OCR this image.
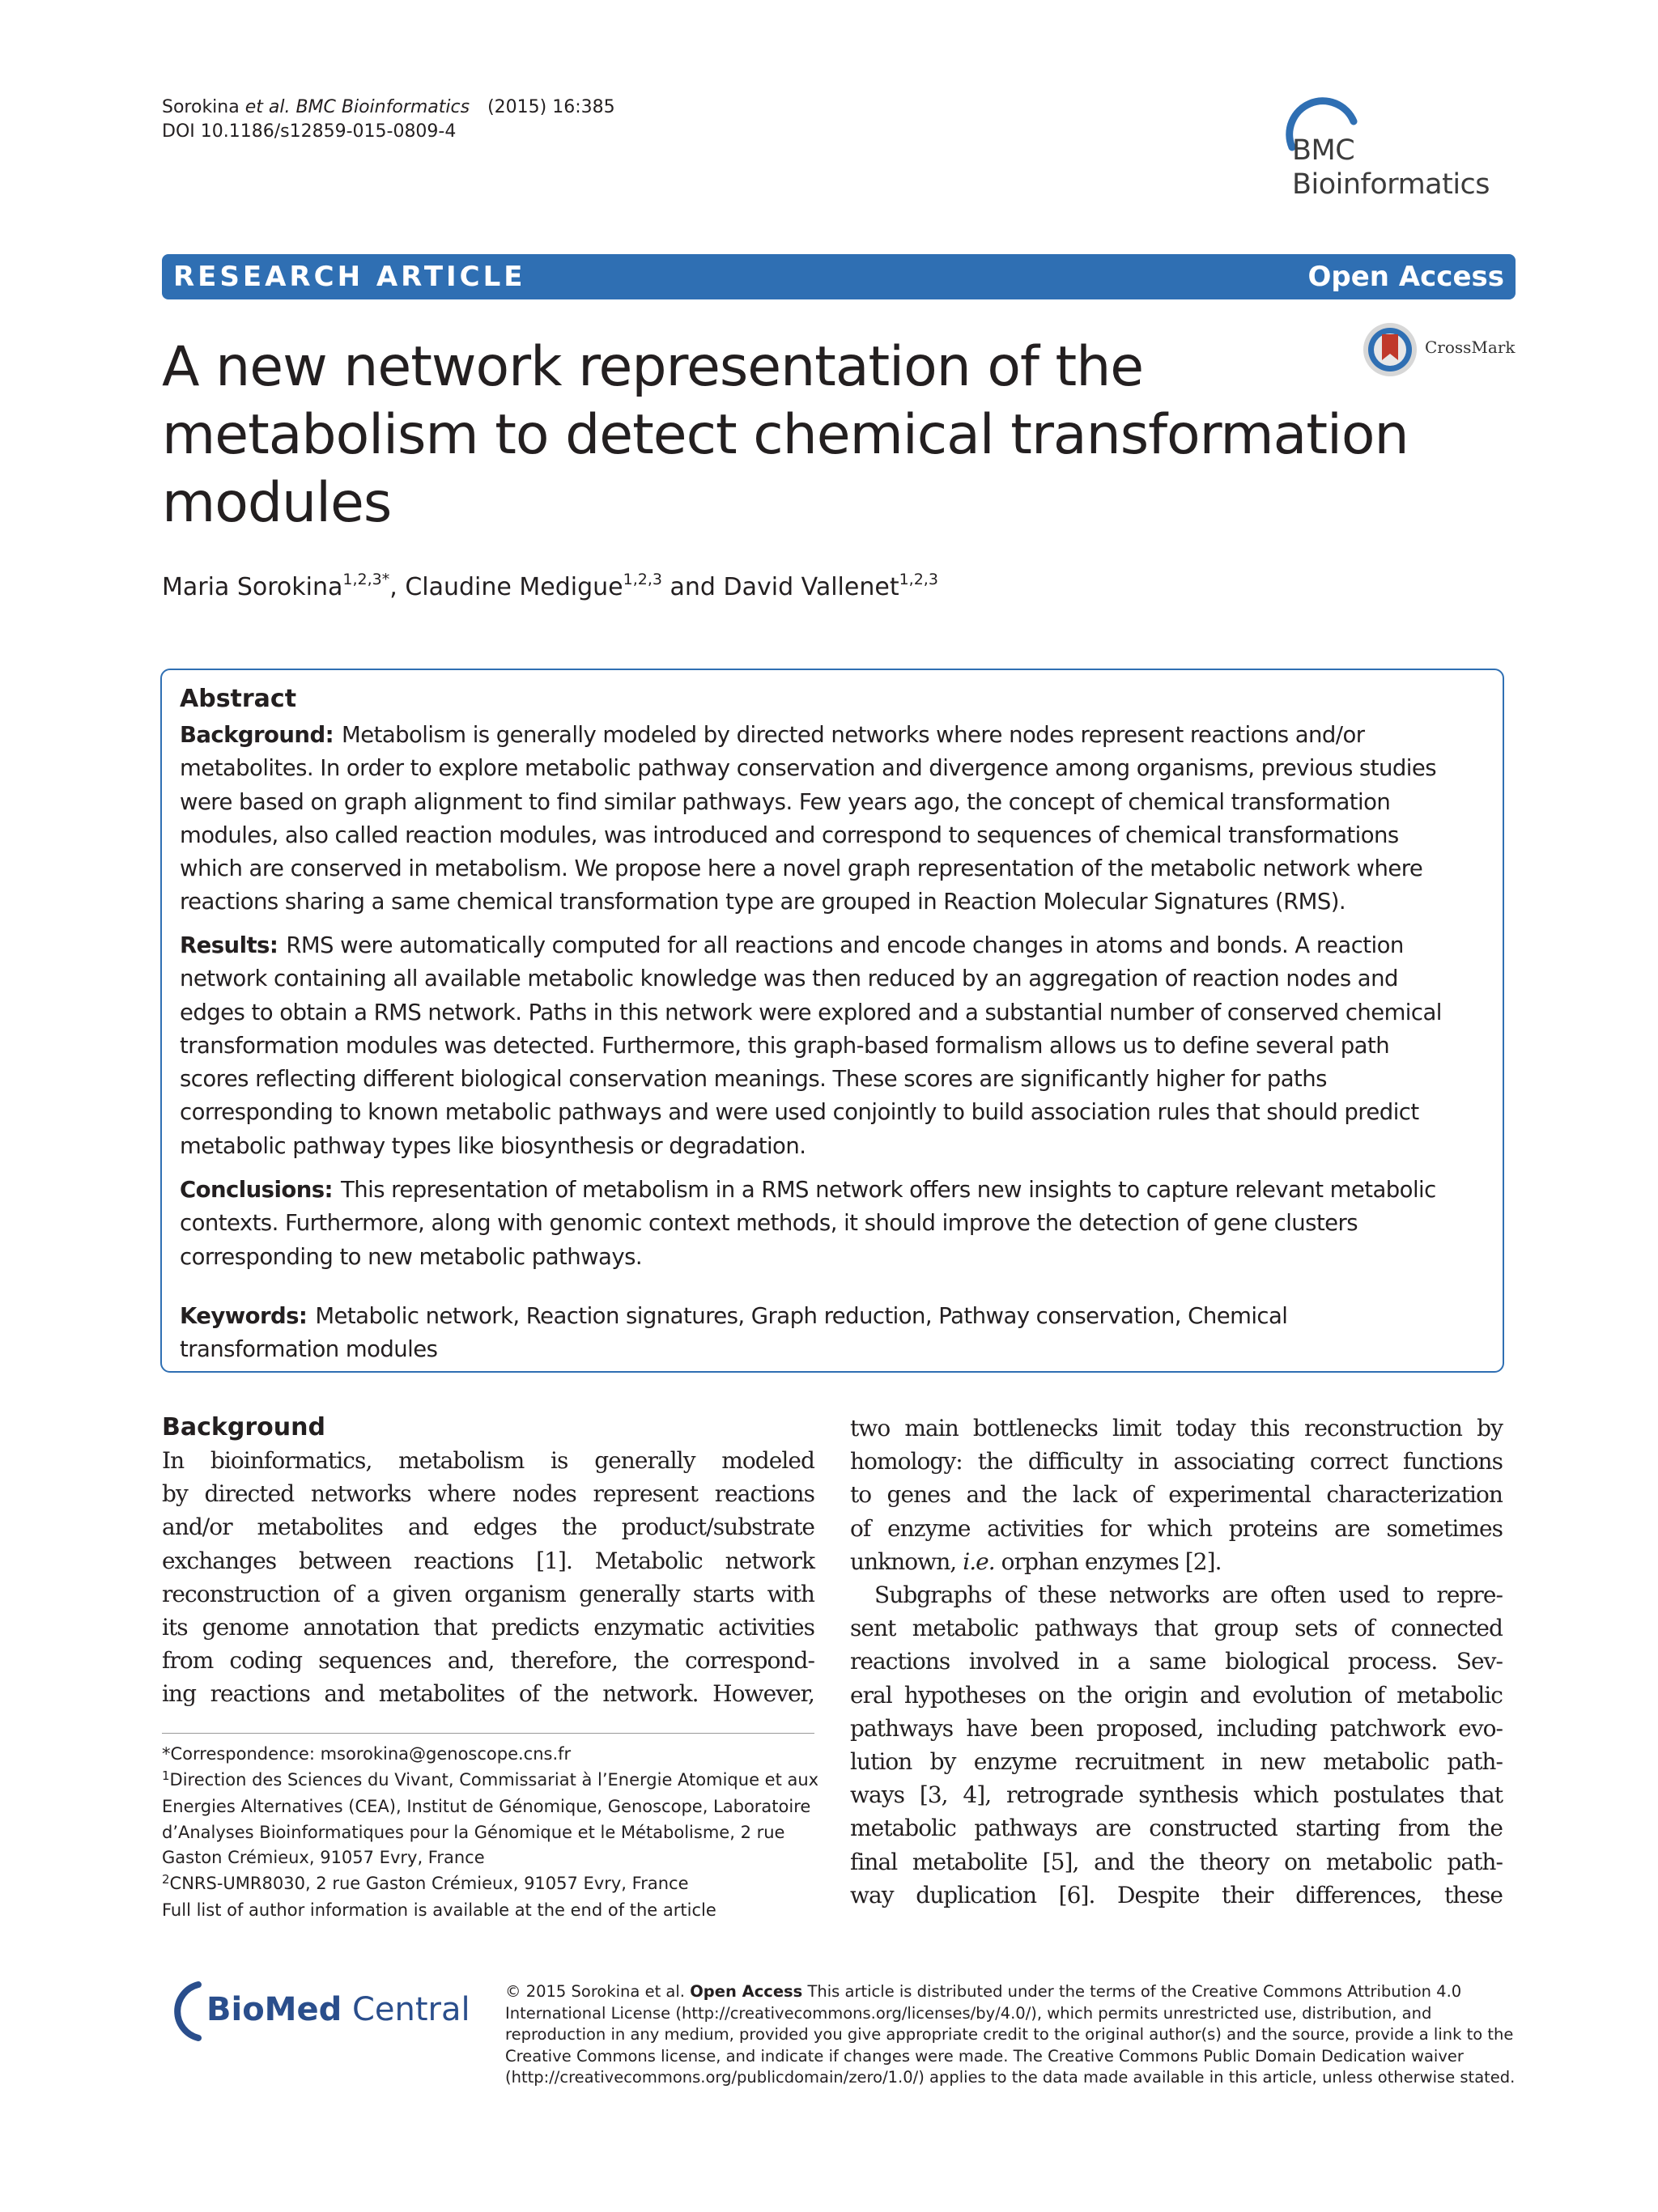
Sorokina et al. BMC Bioinformatics (2015) 16:385
DOI 10.1186/s12859-015-0809-4
BMC
Bioinformatics
RESEARCH ARTICLE	Open Access
CrossMark
A new network representation of the
metabolism to detect chemical transformation
modules
Maria Sorokina$^{1,2,3*}$, Claudine Medigue$^{1,2,3}$ and David Vallenet$^{1,2,3}$
Abstract
Background: Metabolism is generally modeled by directed networks where nodes represent reactions and/or
metabolites. In order to explore metabolic pathway conservation and divergence among organisms, previous studies
were based on graph alignment to find similar pathways. Few years ago, the concept of chemical transformation
modules, also called reaction modules, was introduced and correspond to sequences of chemical transformations
which are conserved in metabolism. We propose here a novel graph representation of the metabolic network where
reactions sharing a same chemical transformation type are grouped in Reaction Molecular Signatures (RMS).
Results: RMS were automatically computed for all reactions and encode changes in atoms and bonds. A reaction
network containing all available metabolic knowledge was then reduced by an aggregation of reaction nodes and
edges to obtain a RMS network. Paths in this network were explored and a substantial number of conserved chemical
transformation modules was detected. Furthermore, this graph-based formalism allows us to define several path
scores reflecting different biological conservation meanings. These scores are significantly higher for paths
corresponding to known metabolic pathways and were used conjointly to build association rules that should predict
metabolic pathway types like biosynthesis or degradation.
Conclusions: This representation of metabolism in a RMS network offers new insights to capture relevant metabolic
contexts. Furthermore, along with genomic context methods, it should improve the detection of gene clusters
corresponding to new metabolic pathways.
Keywords: Metabolic network, Reaction signatures, Graph reduction, Pathway conservation, Chemical
transformation modules
Background
In bioinformatics, metabolism is generally modeled
by directed networks where nodes represent reactions
and/or metabolites and edges the product/substrate
exchanges between reactions [1]. Metabolic network
reconstruction of a given organism generally starts with
its genome annotation that predicts enzymatic activities
from coding sequences and, therefore, the correspond-
ing reactions and metabolites of the network. However,
two main bottlenecks limit today this reconstruction by
homology: the difficulty in associating correct functions
to genes and the lack of experimental characterization
of enzyme activities for which proteins are sometimes
unknown, i.e. orphan enzymes [2].
Subgraphs of these networks are often used to repre-
sent metabolic pathways that group sets of connected
reactions involved in a same biological process. Sev-
eral hypotheses on the origin and evolution of metabolic
pathways have been proposed, including patchwork evo-
lution by enzyme recruitment in new metabolic path-
ways [3, 4], retrograde synthesis which postulates that
metabolic pathways are constructed starting from the
final metabolite [5], and the theory on metabolic path-
way duplication [6]. Despite their differences, these
*Correspondence: msorokina@genoscope.cns.fr
$^1$Direction des Sciences du Vivant, Commissariat à l’Energie Atomique et aux
Energies Alternatives (CEA), Institut de Génomique, Genoscope, Laboratoire
d’Analyses Bioinformatiques pour la Génomique et le Métabolisme, 2 rue
Gaston Crémieux, 91057 Evry, France
$^2$CNRS-UMR8030, 2 rue Gaston Crémieux, 91057 Evry, France
Full list of author information is available at the end of the article
BioMed Central © 2015 Sorokina et al. Open Access This article is distributed under the terms of the Creative Commons Attribution 4.0
International License (http://creativecommons.org/licenses/by/4.0/), which permits unrestricted use, distribution, and
reproduction in any medium, provided you give appropriate credit to the original author(s) and the source, provide a link to the
Creative Commons license, and indicate if changes were made. The Creative Commons Public Domain Dedication waiver
(http://creativecommons.org/publicdomain/zero/1.0/) applies to the data made available in this article, unless otherwise stated.
